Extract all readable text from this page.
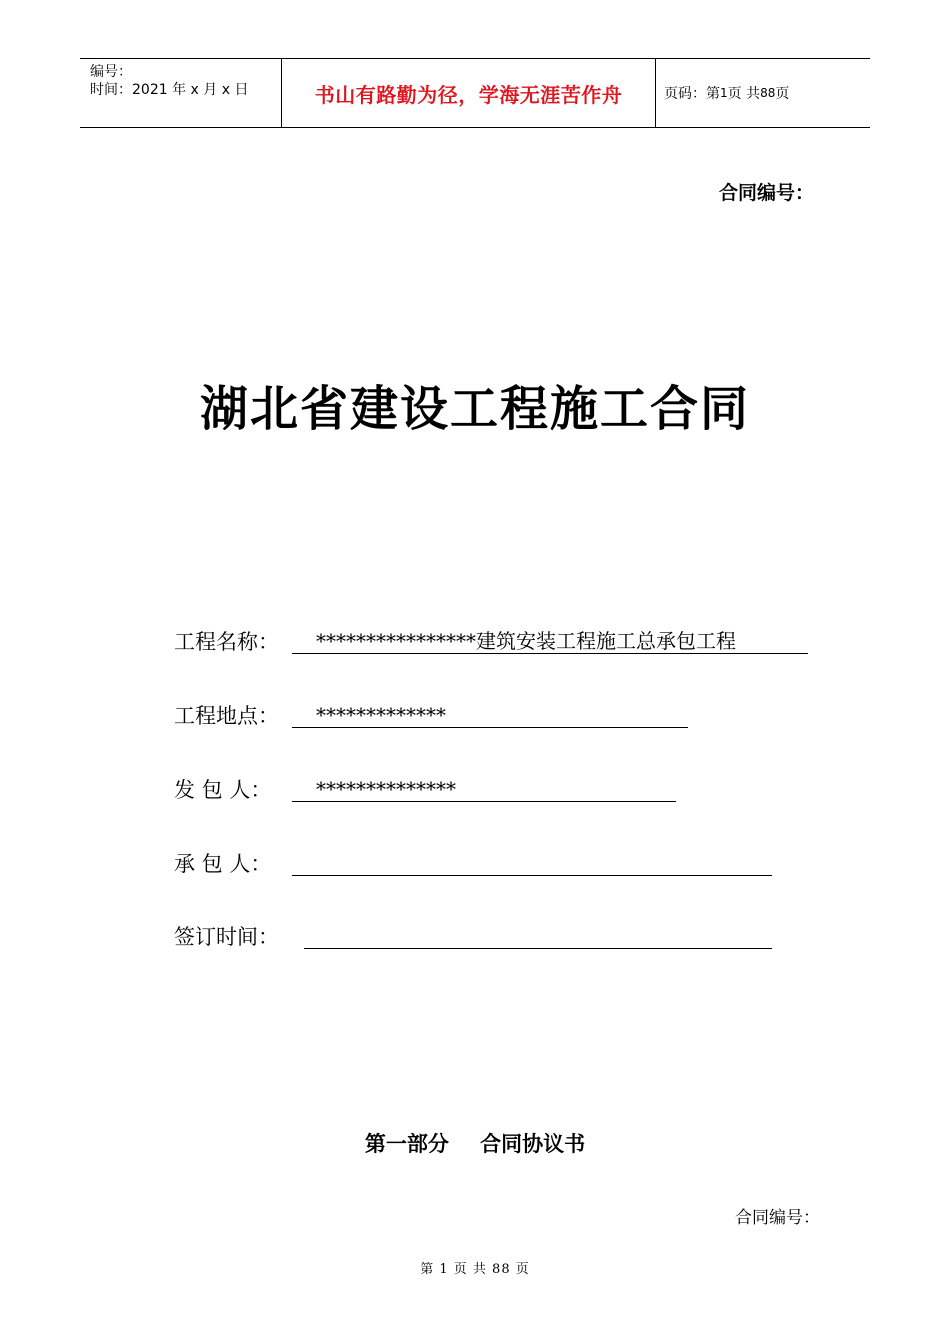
编号：
时间：2021 年 x 月 x 日	书山有路勤为径，学海无涯苦作舟	页码：第 1 页 共 88 页
合同编号：
湖北省建设工程施工合同
工程名称：	****************建筑安装工程施工总承包工程
工程地点：	*************
发 包 人：	**************
承 包 人：
签订时间：
第一部分 合同协议书
合同编号：
第 1 页 共 88 页
